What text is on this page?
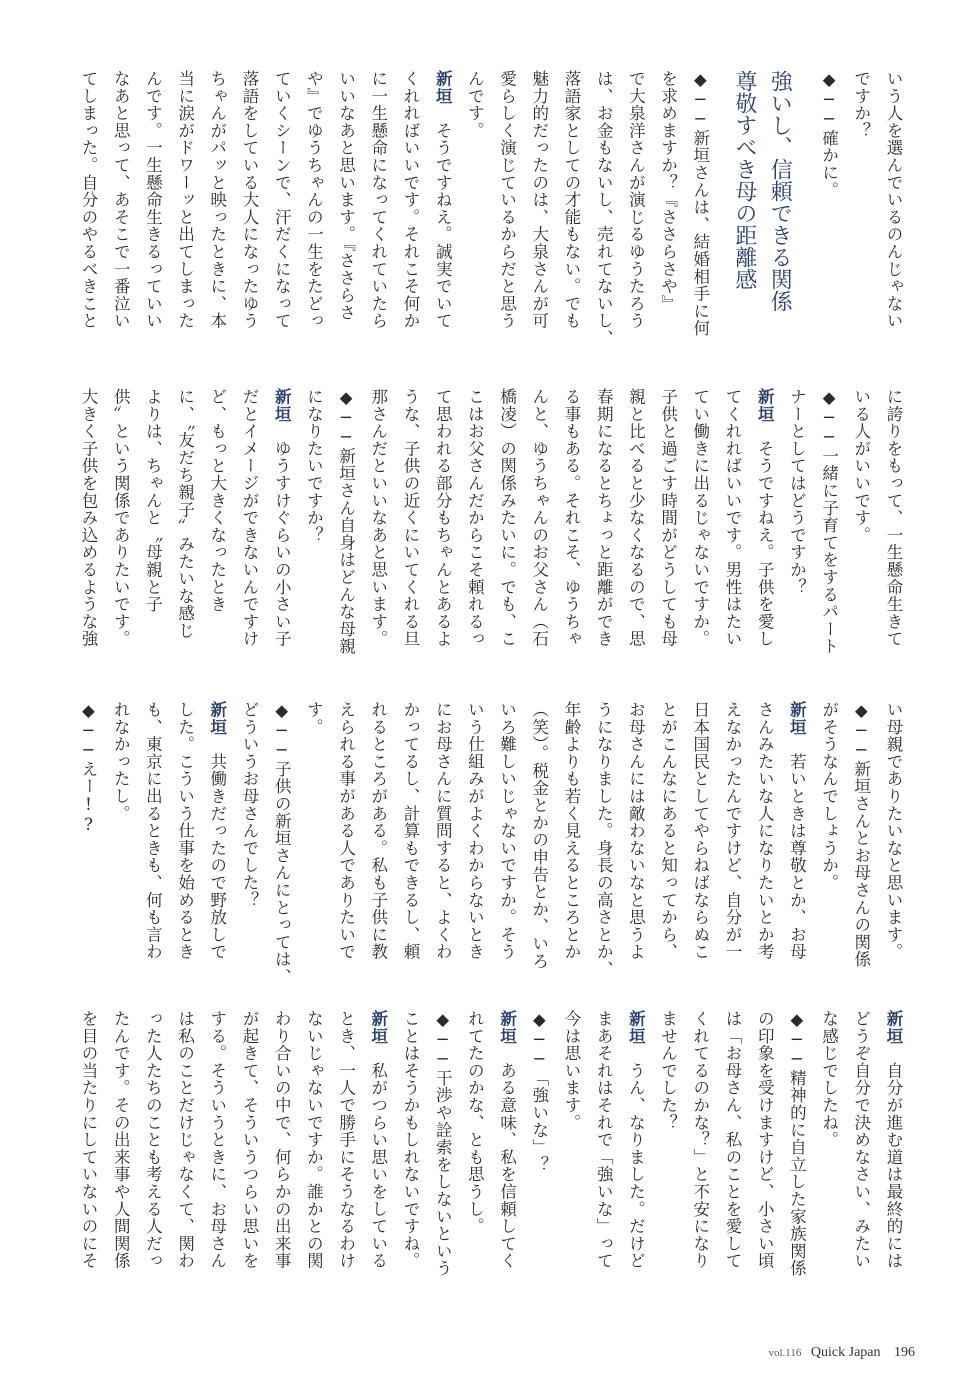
いう人を選んでいるのんじゃない
ですか？
◆──確かに。
◆──新垣さんは、結婚相手に何
を求めますか？『ささらさや』
で大泉洋さんが演じるゆうたろう
は、お金もないし、売れてないし、
落語家としての才能もない。でも
魅力的だったのは、大泉さんが可
愛らしく演じているからだと思う
んです。
新垣　そうですねえ。誠実でいて
くれればいいです。それこそ何か
に一生懸命になってくれていたら
いいなあと思います。『ささらさ
や』でゆうちゃんの一生をたどっ
ていくシーンで、汗だくになって
落語をしている大人になったゆう
ちゃんがパッと映ったときに、本
当に涙がドワーッと出てしまった
んです。一生懸命生きるっていい
なあと思って、あそこで一番泣い
てしまった。自分のやるべきこと	強いし、信頼できる関係
尊敬すべき母の距離感
に誇りをもって、一生懸命生きて
いる人がいいです。
◆──一緒に子育てをするパート
ナーとしてはどうですか？
新垣　そうですねえ。子供を愛し
てくれればいいです。男性はたい
てい働きに出るじゃないですか。
子供と過ごす時間がどうしても母
親と比べると少なくなるので、思
春期になるとちょっと距離ができ
る事もある。それこそ、ゆうちゃ
んと、ゆうちゃんのお父さん（石
橋凌）の関係みたいに。でも、こ
こはお父さんだからこそ頼れるっ
て思われる部分もちゃんとあるよ
うな、子供の近くにいてくれる旦
那さんだといいなあと思います。
◆──新垣さん自身はどんな母親
になりたいですか？
新垣　ゆうすけぐらいの小さい子
だとイメージができないんですけ
ど、もっと大きくなったとき
に、〝友だち親子〟みたいな感じ
よりは、ちゃんと〝母親と子
供〟という関係でありたいです。
大きく子供を包み込めるような強
い母親でありたいなと思います。
◆──新垣さんとお母さんの関係
がそうなんでしょうか。
新垣　若いときは尊敬とか、お母
さんみたいな人になりたいとか考
えなかったんですけど、自分が一
日本国民としてやらねばならぬこ
とがこんなにあると知ってから、
お母さんには敵わないなと思うよ
うになりました。身長の高さとか、
年齢よりも若く見えるところとか
（笑）。税金とかの申告とか、いろ
いろ難しいじゃないですか。そう
いう仕組みがよくわからないとき
にお母さんに質問すると、よくわ
かってるし、計算もできるし、頼
れるところがある。私も子供に教
えられる事がある人でありたいで
す。
◆──子供の新垣さんにとっては、
どういうお母さんでした？
新垣　共働きだったので野放しで
した。こういう仕事を始めるとき
も、東京に出るときも、何も言わ
れなかったし。
◆──えー!?
新垣　自分が進む道は最終的には
どうぞ自分で決めなさい、みたい
な感じでしたね。
◆──精神的に自立した家族関係
の印象を受けますけど、小さい頃
は「お母さん、私のことを愛して
くれてるのかな？」と不安になり
ませんでした？
新垣　うん、なりました。だけど
まあそれはそれで「強いな」って
今は思います。
◆──「強いな」？
新垣　ある意味、私を信頼してく
れてたのかな、とも思うし。
◆──干渉や詮索をしないという
ことはそうかもしれないですね。
新垣　私がつらい思いをしている
とき、一人で勝手にそうなるわけ
ないじゃないですか。誰かとの関
わり合いの中で、何らかの出来事
が起きて、そういうつらい思いを
する。そういうときに、お母さん
は私のことだけじゃなくて、関わ
った人たちのことも考える人だっ
たんです。その出来事や人間関係
を目の当たりにしていないのにそ
vol.116 Quick Japan 196
